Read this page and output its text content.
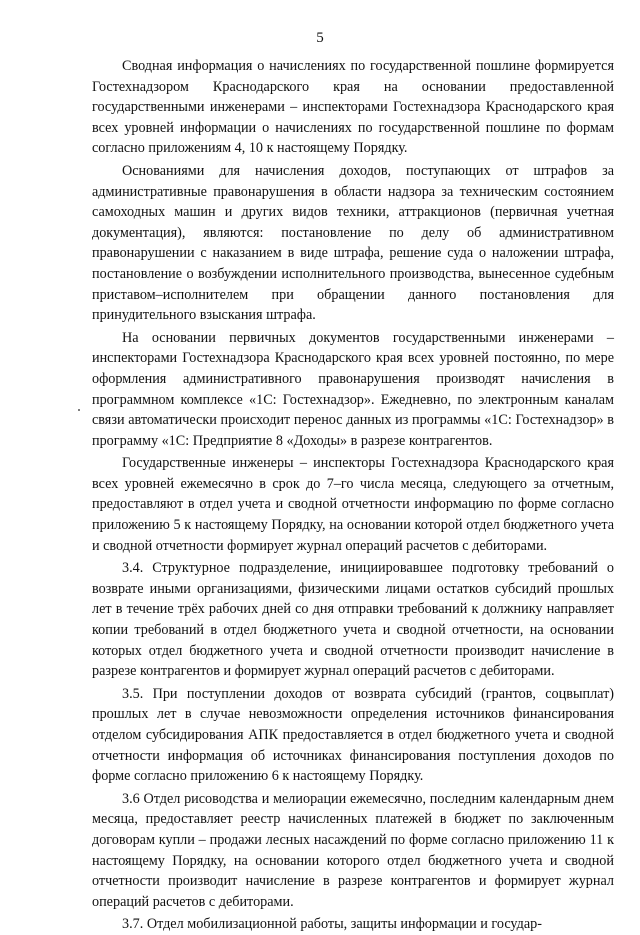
5

Сводная информация о начислениях по государственной пошлине формируется Гостехнадзором Краснодарского края на основании предоставленной государственными инженерами – инспекторами Гостехнадзора Краснодарского края всех уровней информации о начислениях по государственной пошлине по формам согласно приложениям 4, 10 к настоящему Порядку.

Основаниями для начисления доходов, поступающих от штрафов за административные правонарушения в области надзора за техническим состоянием самоходных машин и других видов техники, аттракционов (первичная учетная документация), являются: постановление по делу об административном правонарушении с наказанием в виде штрафа, решение суда о наложении штрафа, постановление о возбуждении исполнительного производства, вынесенное судебным приставом–исполнителем при обращении данного постановления для принудительного взыскания штрафа.

На основании первичных документов государственными инженерами – инспекторами Гостехнадзора Краснодарского края всех уровней постоянно, по мере оформления административного правонарушения производят начисления в программном комплексе «1С: Гостехнадзор». Ежедневно, по электронным каналам связи автоматически происходит перенос данных из программы «1С: Гостехнадзор» в программу «1С: Предприятие 8 «Доходы» в разрезе контрагентов.

Государственные инженеры – инспекторы Гостехнадзора Краснодарского края всех уровней ежемесячно в срок до 7–го числа месяца, следующего за отчетным, предоставляют в отдел учета и сводной отчетности информацию по форме согласно приложению 5 к настоящему Порядку, на основании которой отдел бюджетного учета и сводной отчетности формирует журнал операций расчетов с дебиторами.

3.4. Структурное подразделение, инициировавшее подготовку требований о возврате иными организациями, физическими лицами остатков субсидий прошлых лет в течение трёх рабочих дней со дня отправки требований к должнику направляет копии требований в отдел бюджетного учета и сводной отчетности, на основании которых отдел бюджетного учета и сводной отчетности производит начисление в разрезе контрагентов и формирует журнал операций расчетов с дебиторами.

3.5. При поступлении доходов от возврата субсидий (грантов, соцвыплат) прошлых лет в случае невозможности определения источников финансирования отделом субсидирования АПК предоставляется в отдел бюджетного учета и сводной отчетности информация об источниках финансирования поступления доходов по форме согласно приложению 6 к настоящему Порядку.

3.6 Отдел рисоводства и мелиорации ежемесячно, последним календарным днем месяца, предоставляет реестр начисленных платежей в бюджет по заключенным договорам купли – продажи лесных насаждений по форме согласно приложению 11 к настоящему Порядку, на основании которого отдел бюджетного учета и сводной отчетности производит начисление в разрезе контрагентов и формирует журнал операций расчетов с дебиторами.

3.7. Отдел мобилизационной работы, защиты информации и государ-
